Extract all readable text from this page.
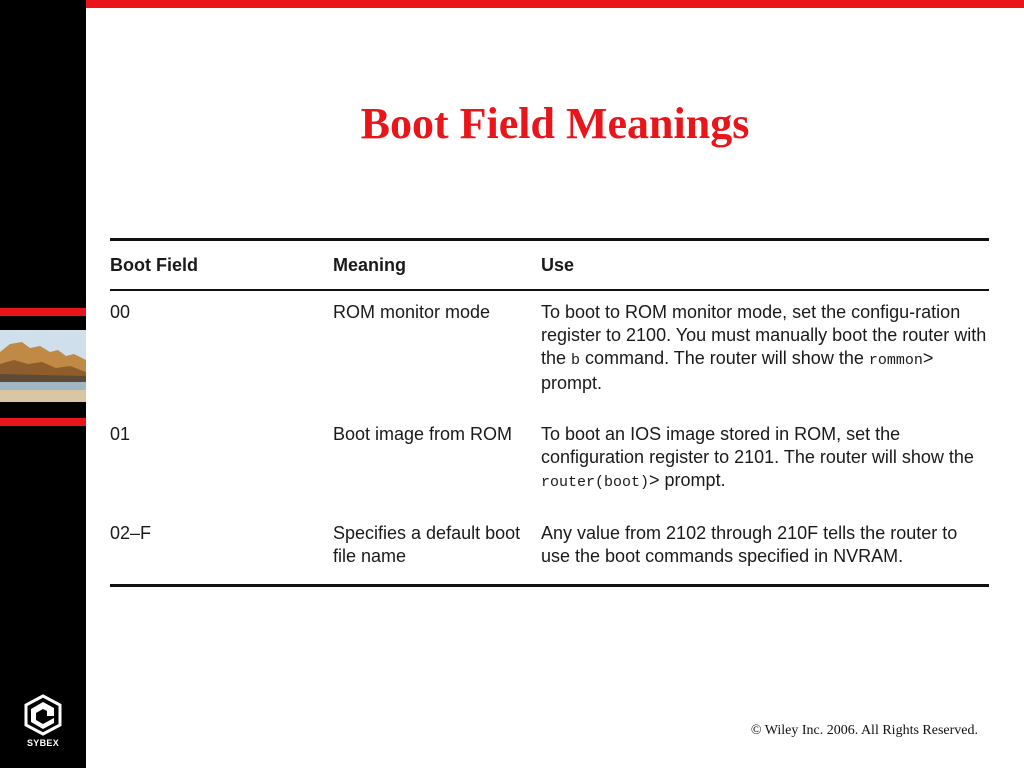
SYBEX
Boot Field Meanings
Boot Field	Meaning	Use
00	ROM monitor mode	To boot to ROM monitor mode, set the configu-ration register to 2100. You must manually boot the router with the b command. The router will show the rommon> prompt.
01	Boot image from ROM	To boot an IOS image stored in ROM, set the configuration register to 2101. The router will show the router(boot)> prompt.
02–F	Specifies a default boot file name	Any value from 2102 through 210F tells the router to use the boot commands specified in NVRAM.
© Wiley Inc. 2006. All Rights Reserved.
